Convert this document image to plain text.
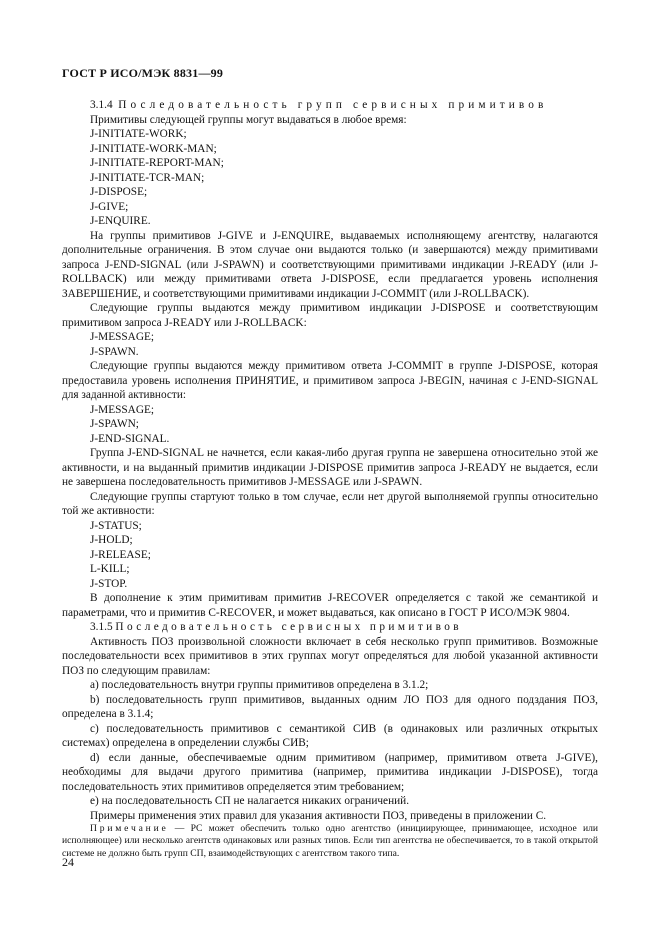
ГОСТ Р ИСО/МЭК 8831—99

3.1.4 Последовательность групп сервисных примитивов

Примитивы следующей группы могут выдаваться в любое время:

J-INITIATE-WORK;

J-INITIATE-WORK-MAN;

J-INITIATE-REPORT-MAN;

J-INITIATE-TCR-MAN;

J-DISPOSE;

J-GIVE;

J-ENQUIRE.

На группы примитивов J-GIVE и J-ENQUIRE, выдаваемых исполняющему агентству, налагаются дополнительные ограничения. В этом случае они выдаются только (и завершаются) между примитивами запроса J-END-SIGNAL (или J-SPAWN) и соответствующими примитивами индикации J-READY (или J-ROLLBACK) или между примитивами ответа J-DISPOSE, если предлагается уровень исполнения ЗАВЕРШЕНИЕ, и соответствующими примитивами индикации J-COMMIT (или J-ROLLBACK).

Следующие группы выдаются между примитивом индикации J-DISPOSE и соответствующим примитивом запроса J-READY или J-ROLLBACK:

J-MESSAGE;

J-SPAWN.

Следующие группы выдаются между примитивом ответа J-COMMIT в группе J-DISPOSE, которая предоставила уровень исполнения ПРИНЯТИЕ, и примитивом запроса J-BEGIN, начиная с J-END-SIGNAL для заданной активности:

J-MESSAGE;

J-SPAWN;

J-END-SIGNAL.

Группа J-END-SIGNAL не начнется, если какая-либо другая группа не завершена относительно этой же активности, и на выданный примитив индикации J-DISPOSE примитив запроса J-READY не выдается, если не завершена последовательность примитивов J-MESSAGE или J-SPAWN.

Следующие группы стартуют только в том случае, если нет другой выполняемой группы относительно той же активности:

J-STATUS;

J-HOLD;

J-RELEASE;

L-KILL;

J-STOP.

В дополнение к этим примитивам примитив J-RECOVER определяется с такой же семантикой и параметрами, что и примитив C-RECOVER, и может выдаваться, как описано в ГОСТ Р ИСО/МЭК 9804.

3.1.5 Последовательность сервисных примитивов

Активность ПОЗ произвольной сложности включает в себя несколько групп примитивов. Возможные последовательности всех примитивов в этих группах могут определяться для любой указанной активности ПОЗ по следующим правилам:

а) последовательность внутри группы примитивов определена в 3.1.2;

b) последовательность групп примитивов, выданных одним ЛО ПОЗ для одного подздания ПОЗ, определена в 3.1.4;

с) последовательность примитивов с семантикой СИВ (в одинаковых или различных открытых системах) определена в определении службы СИВ;

d) если данные, обеспечиваемые одним примитивом (например, примитивом ответа J-GIVE), необходимы для выдачи другого примитива (например, примитива индикации J-DISPOSE), тогда последовательность этих примитивов определяется этим требованием;

е) на последовательность СП не налагается никаких ограничений.

Примеры применения этих правил для указания активности ПОЗ, приведены в приложении С.

Примечание — РС может обеспечить только одно агентство (инициирующее, принимающее, исходное или исполняющее) или несколько агентств одинаковых или разных типов. Если тип агентства не обеспечивается, то в такой открытой системе не должно быть групп СП, взаимодействующих с агентством такого типа.

24
